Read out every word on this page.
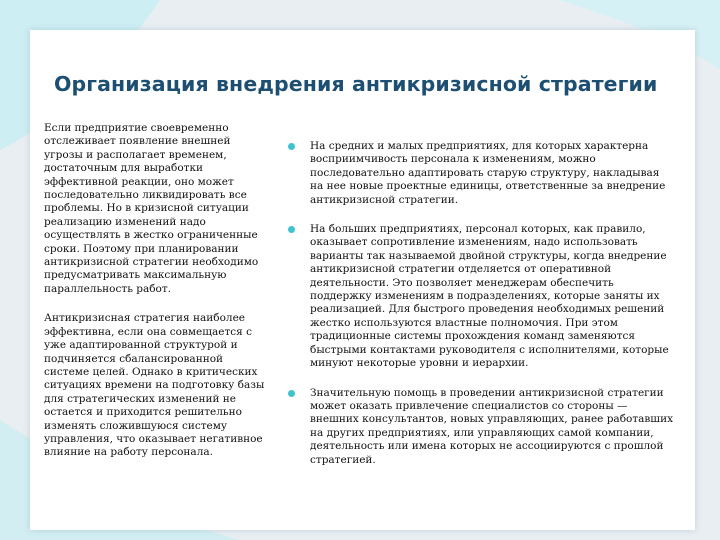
Организация внедрения антикризисной стратегии

Если предприятие своевременно отслеживает появление внешней угрозы и располагает временем, достаточным для выработки эффективной реакции, оно может последовательно ликвидировать все проблемы. Но в кризисной ситуации реализацию изменений надо осуществлять в жестко ограниченные сроки. Поэтому при планировании антикризисной стратегии необходимо предусматривать максимальную параллельность работ.

Антикризисная стратегия наиболее эффективна, если она совмещается с уже адаптированной структурой и подчиняется сбалансированной системе целей. Однако в критических ситуациях времени на подготовку базы для стратегических изменений не остается и приходится решительно изменять сложившуюся систему управления, что оказывает негативное влияние на работу персонала.

На средних и малых предприятиях, для которых характерна восприимчивость персонала к изменениям, можно последовательно адаптировать старую структуру, накладывая на нее новые проектные единицы, ответственные за внедрение антикризисной стратегии.
На больших предприятиях, персонал которых, как правило, оказывает сопротивление изменениям, надо использовать варианты так называемой двойной структуры, когда внедрение антикризисной стратегии отделяется от оперативной деятельности. Это позволяет менеджерам обеспечить поддержку изменениям в подразделениях, которые заняты их реализацией. Для быстрого проведения необходимых решений жестко используются властные полномочия. При этом традиционные системы прохождения команд заменяются быстрыми контактами руководителя с исполнителями, которые минуют некоторые уровни и иерархии.
Значительную помощь в проведении антикризисной стратегии может оказать привлечение специалистов со стороны — внешних консультантов, новых управляющих, ранее работавших на других предприятиях, или управляющих самой компании, деятельность или имена которых не ассоциируются с прошлой стратегией.
